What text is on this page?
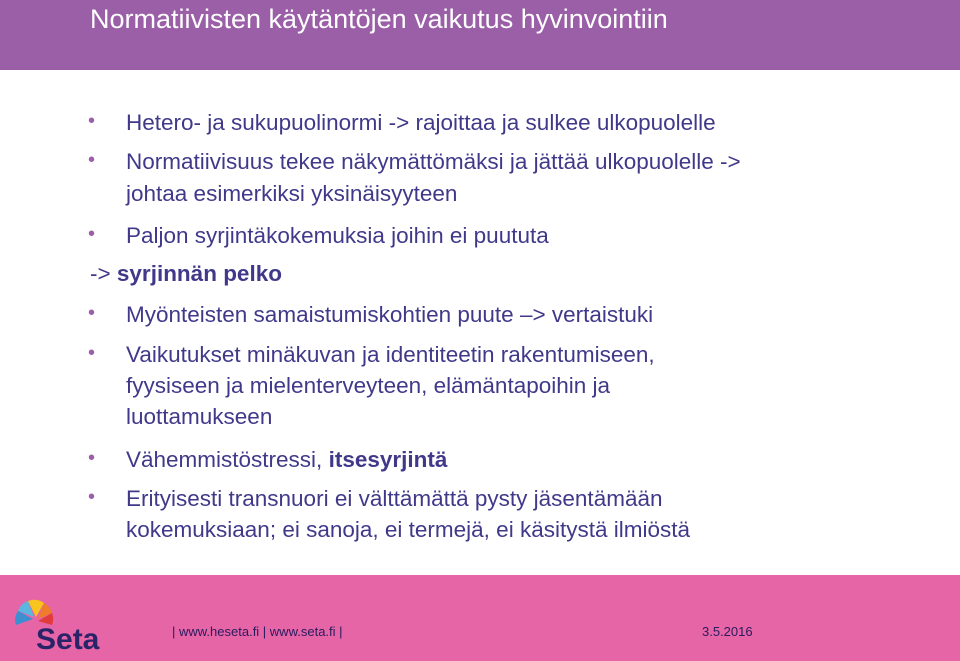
Normatiivisten käytäntöjen vaikutus hyvinvointiin
• Hetero- ja sukupuolinormi -> rajoittaa ja sulkee ulkopuolelle
• Normatiivisuus tekee näkymättömäksi ja jättää ulkopuolelle ->
johtaa esimerkiksi yksinäisyyteen
• Paljon syrjintäkokemuksia joihin ei puututa
-> syrjinnän pelko
• Myönteisten samaistumiskohtien puute –> vertaistuki
• Vaikutukset minäkuvan ja identiteetin rakentumiseen,
fyysiseen ja mielenterveyteen, elämäntapoihin ja
luottamukseen
• Vähemmistöstressi, itsesyrjintä
• Erityisesti transnuori ei välttämättä pysty jäsentämään
kokemuksiaan; ei sanoja, ei termejä, ei käsitystä ilmiöstä
Seta	| www.heseta.fi | www.seta.fi |	3.5.2016
